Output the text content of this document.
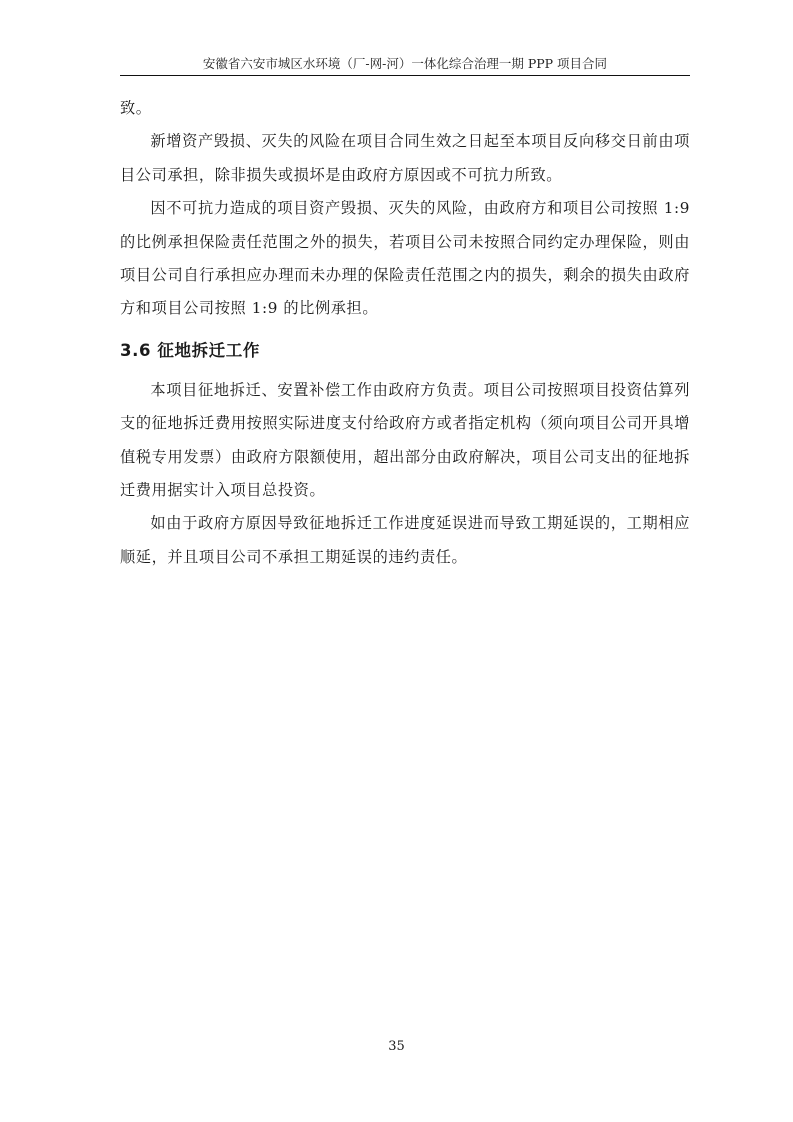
安徽省六安市城区水环境（厂-网-河）一体化综合治理一期 PPP 项目合同

致。

新增资产毁损、灭失的风险在项目合同生效之日起至本项目反向移交日前由项目公司承担，除非损失或损坏是由政府方原因或不可抗力所致。

因不可抗力造成的项目资产毁损、灭失的风险，由政府方和项目公司按照 1:9 的比例承担保险责任范围之外的损失，若项目公司未按照合同约定办理保险，则由项目公司自行承担应办理而未办理的保险责任范围之内的损失，剩余的损失由政府方和项目公司按照 1:9 的比例承担。

3.6 征地拆迁工作

本项目征地拆迁、安置补偿工作由政府方负责。项目公司按照项目投资估算列支的征地拆迁费用按照实际进度支付给政府方或者指定机构（须向项目公司开具增值税专用发票）由政府方限额使用，超出部分由政府解决，项目公司支出的征地拆迁费用据实计入项目总投资。

如由于政府方原因导致征地拆迁工作进度延误进而导致工期延误的，工期相应顺延，并且项目公司不承担工期延误的违约责任。

35
